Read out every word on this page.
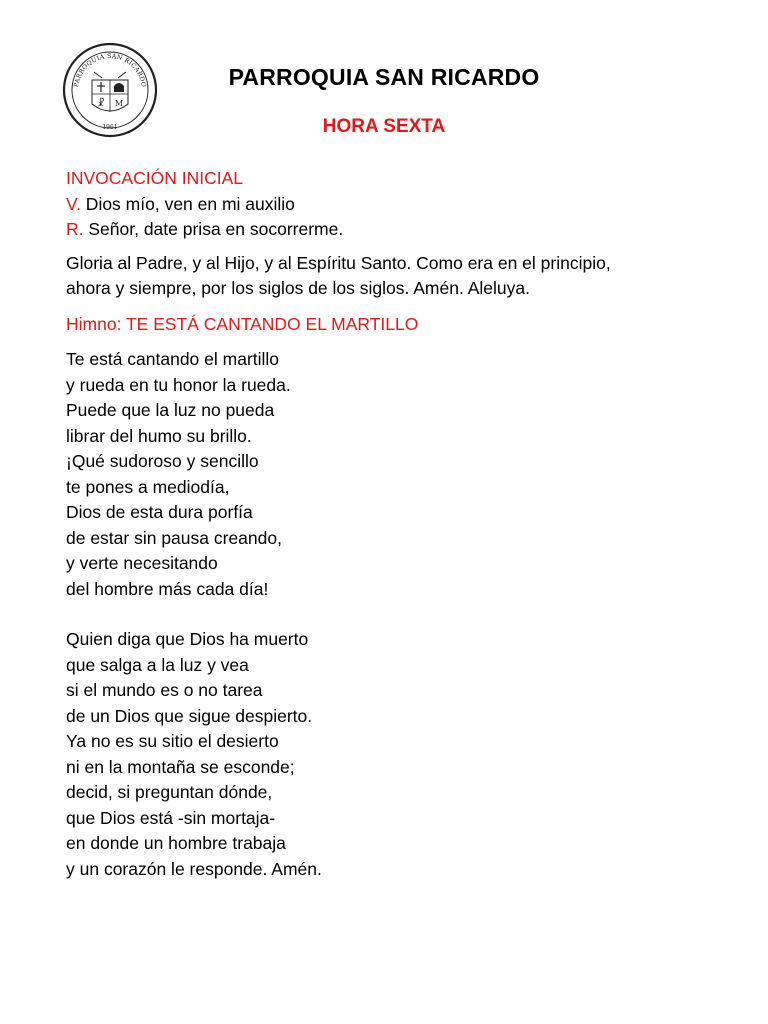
PARROQUIA SAN RICARDO
☧ M
1961
PARROQUIA SAN RICARDO
HORA SEXTA
INVOCACIÓN INICIAL
V. Dios mío, ven en mi auxilio
R. Señor, date prisa en socorrerme.
Gloria al Padre, y al Hijo, y al Espíritu Santo. Como era en el principio,
ahora y siempre, por los siglos de los siglos. Amén. Aleluya.
Himno: TE ESTÁ CANTANDO EL MARTILLO
Te está cantando el martillo
y rueda en tu honor la rueda.
Puede que la luz no pueda
librar del humo su brillo.
¡Qué sudoroso y sencillo
te pones a mediodía,
Dios de esta dura porfía
de estar sin pausa creando,
y verte necesitando
del hombre más cada día!
Quien diga que Dios ha muerto
que salga a la luz y vea
si el mundo es o no tarea
de un Dios que sigue despierto.
Ya no es su sitio el desierto
ni en la montaña se esconde;
decid, si preguntan dónde,
que Dios está -sin mortaja-
en donde un hombre trabaja
y un corazón le responde. Amén.
